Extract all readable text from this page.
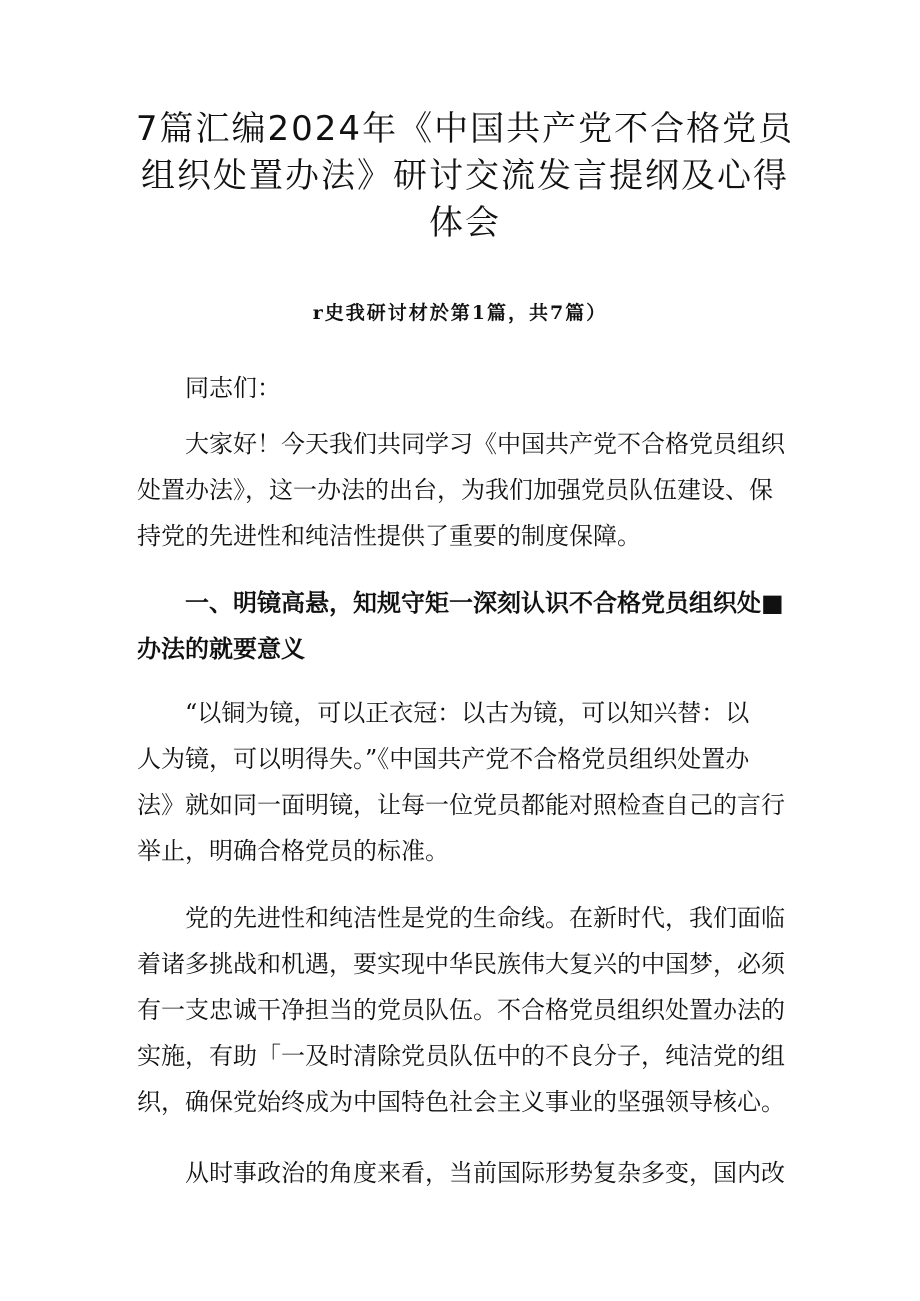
7篇汇编2024年《中国共产党不合格党员
组织处置办法》研讨交流发言提纲及心得
体会
r史我研讨材於第1篇，共7篇）

同志们：

大家好！今天我们共同学习《中国共产党不合格党员组织
处置办法》，这一办法的出台，为我们加强党员队伍建设、保
持党的先进性和纯洁性提供了重要的制度保障。

一、明镜高悬，知规守矩一深刻认识不合格党员组织处■
办法的就要意义

“以铜为镜，可以正衣冠：以古为镜，可以知兴替：以
人为镜，可以明得失。”《中国共产党不合格党员组织处置办
法》就如同一面明镜，让每一位党员都能对照检查自己的言行
举止，明确合格党员的标准。

党的先进性和纯洁性是党的生命线。在新时代，我们面临
着诸多挑战和机遇，要实现中华民族伟大复兴的中国梦，必须
有一支忠诚干净担当的党员队伍。不合格党员组织处置办法的
实施，有助「一及时清除党员队伍中的不良分子，纯洁党的组
织，确保党始终成为中国特色社会主义事业的坚强领导核心。

从时事政治的角度来看，当前国际形势复杂多变，国内改
